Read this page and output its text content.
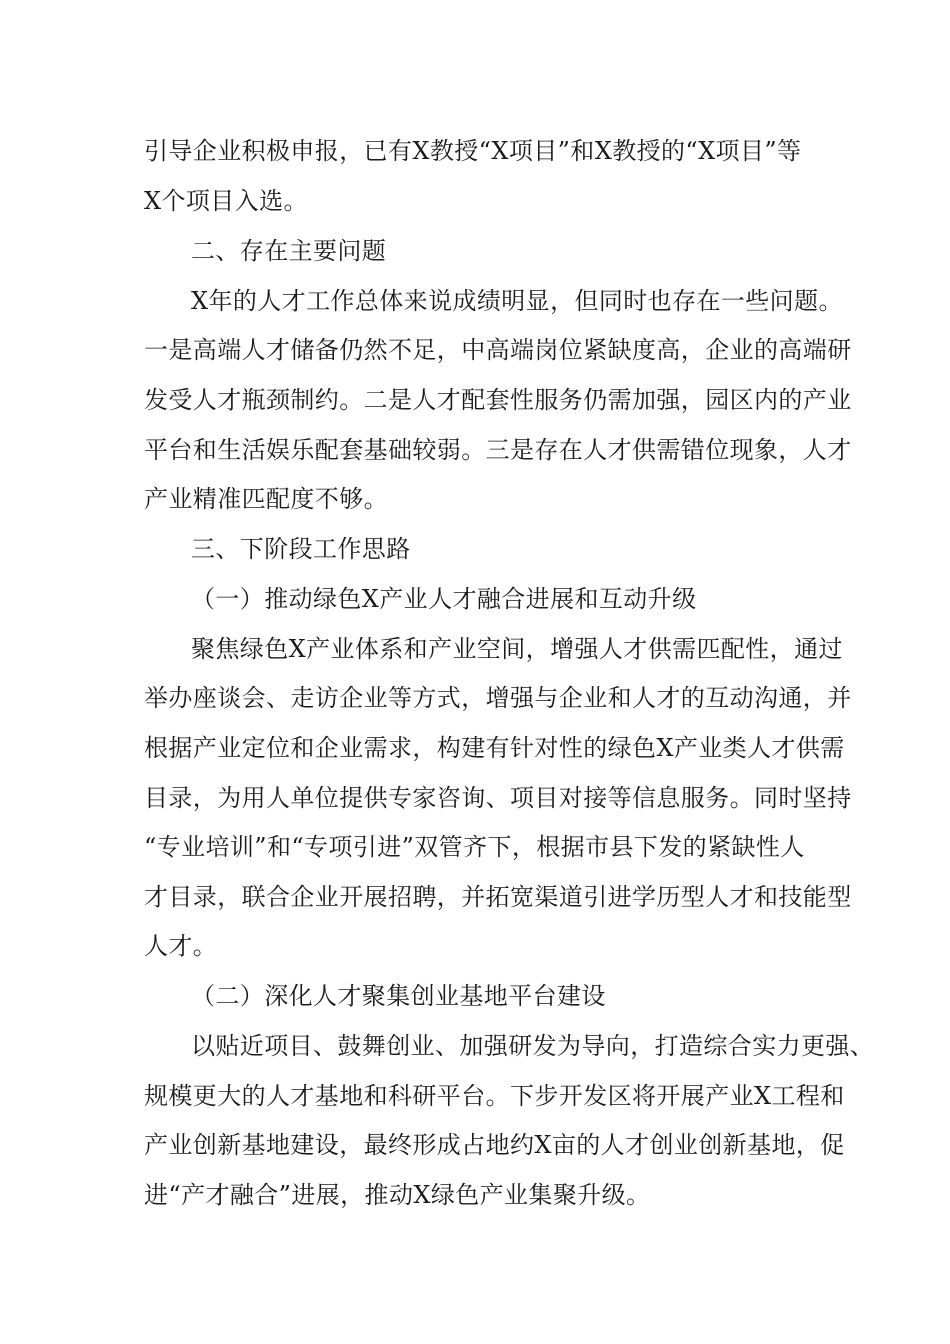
引导企业积极申报，已有X教授“X项目”和X教授的“X项目”等
X个项目入选。
二、存在主要问题
X年的人才工作总体来说成绩明显，但同时也存在一些问题。
一是高端人才储备仍然不足，中高端岗位紧缺度高，企业的高端研
发受人才瓶颈制约。二是人才配套性服务仍需加强，园区内的产业
平台和生活娱乐配套基础较弱。三是存在人才供需错位现象，人才
产业精准匹配度不够。
三、下阶段工作思路
（一）推动绿色X产业人才融合进展和互动升级
聚焦绿色X产业体系和产业空间，增强人才供需匹配性，通过
举办座谈会、走访企业等方式，增强与企业和人才的互动沟通，并
根据产业定位和企业需求，构建有针对性的绿色X产业类人才供需
目录，为用人单位提供专家咨询、项目对接等信息服务。同时坚持
“专业培训”和“专项引进”双管齐下，根据市县下发的紧缺性人
才目录，联合企业开展招聘，并拓宽渠道引进学历型人才和技能型
人才。
（二）深化人才聚集创业基地平台建设
以贴近项目、鼓舞创业、加强研发为导向，打造综合实力更强、
规模更大的人才基地和科研平台。下步开发区将开展产业X工程和
产业创新基地建设，最终形成占地约X亩的人才创业创新基地，促
进“产才融合”进展，推动X绿色产业集聚升级。
